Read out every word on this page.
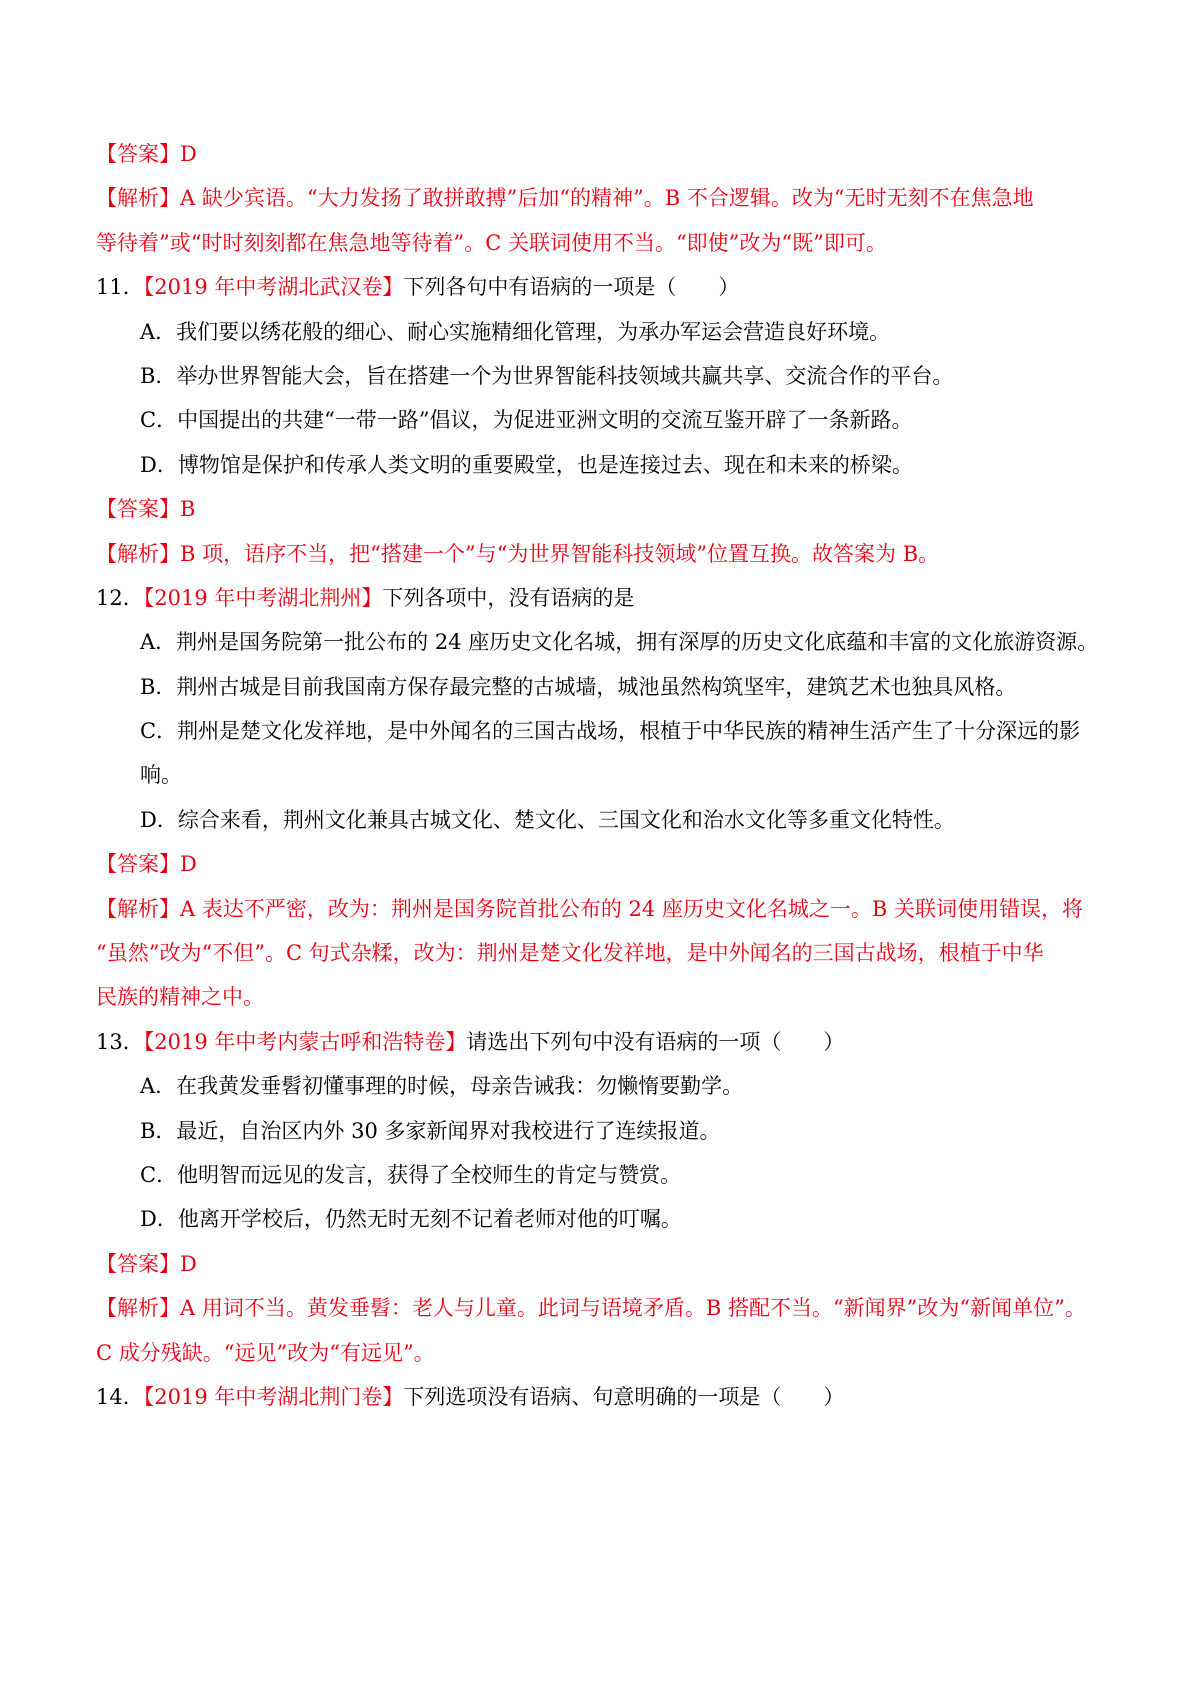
【答案】D
【解析】A 缺少宾语。“大力发扬了敢拼敢搏”后加“的精神”。B 不合逻辑。改为“无时无刻不在焦急地
等待着”或“时时刻刻都在焦急地等待着”。C 关联词使用不当。“即使”改为“既”即可。
11．【2019 年中考湖北武汉卷】下列各句中有语病的一项是（　　）
A．我们要以绣花般的细心、耐心实施精细化管理，为承办军运会营造良好环境。
B．举办世界智能大会，旨在搭建一个为世界智能科技领域共赢共享、交流合作的平台。
C．中国提出的共建“一带一路”倡议，为促进亚洲文明的交流互鉴开辟了一条新路。
D．博物馆是保护和传承人类文明的重要殿堂，也是连接过去、现在和未来的桥梁。
【答案】B
【解析】B 项，语序不当，把“搭建一个”与“为世界智能科技领域”位置互换。故答案为 B。
12．【2019 年中考湖北荆州】下列各项中，没有语病的是
A．荆州是国务院第一批公布的 24 座历史文化名城，拥有深厚的历史文化底蕴和丰富的文化旅游资源。
B．荆州古城是目前我国南方保存最完整的古城墙，城池虽然构筑坚牢，建筑艺术也独具风格。
C．荆州是楚文化发祥地，是中外闻名的三国古战场，根植于中华民族的精神生活产生了十分深远的影
响。
D．综合来看，荆州文化兼具古城文化、楚文化、三国文化和治水文化等多重文化特性。
【答案】D
【解析】A 表达不严密，改为：荆州是国务院首批公布的 24 座历史文化名城之一。B 关联词使用错误，将
“虽然”改为“不但”。C 句式杂糅，改为：荆州是楚文化发祥地，是中外闻名的三国古战场，根植于中华
民族的精神之中。
13．【2019 年中考内蒙古呼和浩特卷】请选出下列句中没有语病的一项（　　）
A．在我黄发垂髫初懂事理的时候，母亲告诫我：勿懒惰要勤学。
B．最近，自治区内外 30 多家新闻界对我校进行了连续报道。
C．他明智而远见的发言，获得了全校师生的肯定与赞赏。
D．他离开学校后，仍然无时无刻不记着老师对他的叮嘱。
【答案】D
【解析】A 用词不当。黄发垂髫：老人与儿童。此词与语境矛盾。B 搭配不当。“新闻界”改为“新闻单位”。
C 成分残缺。“远见”改为“有远见”。
14．【2019 年中考湖北荆门卷】下列选项没有语病、句意明确的一项是（　　）
